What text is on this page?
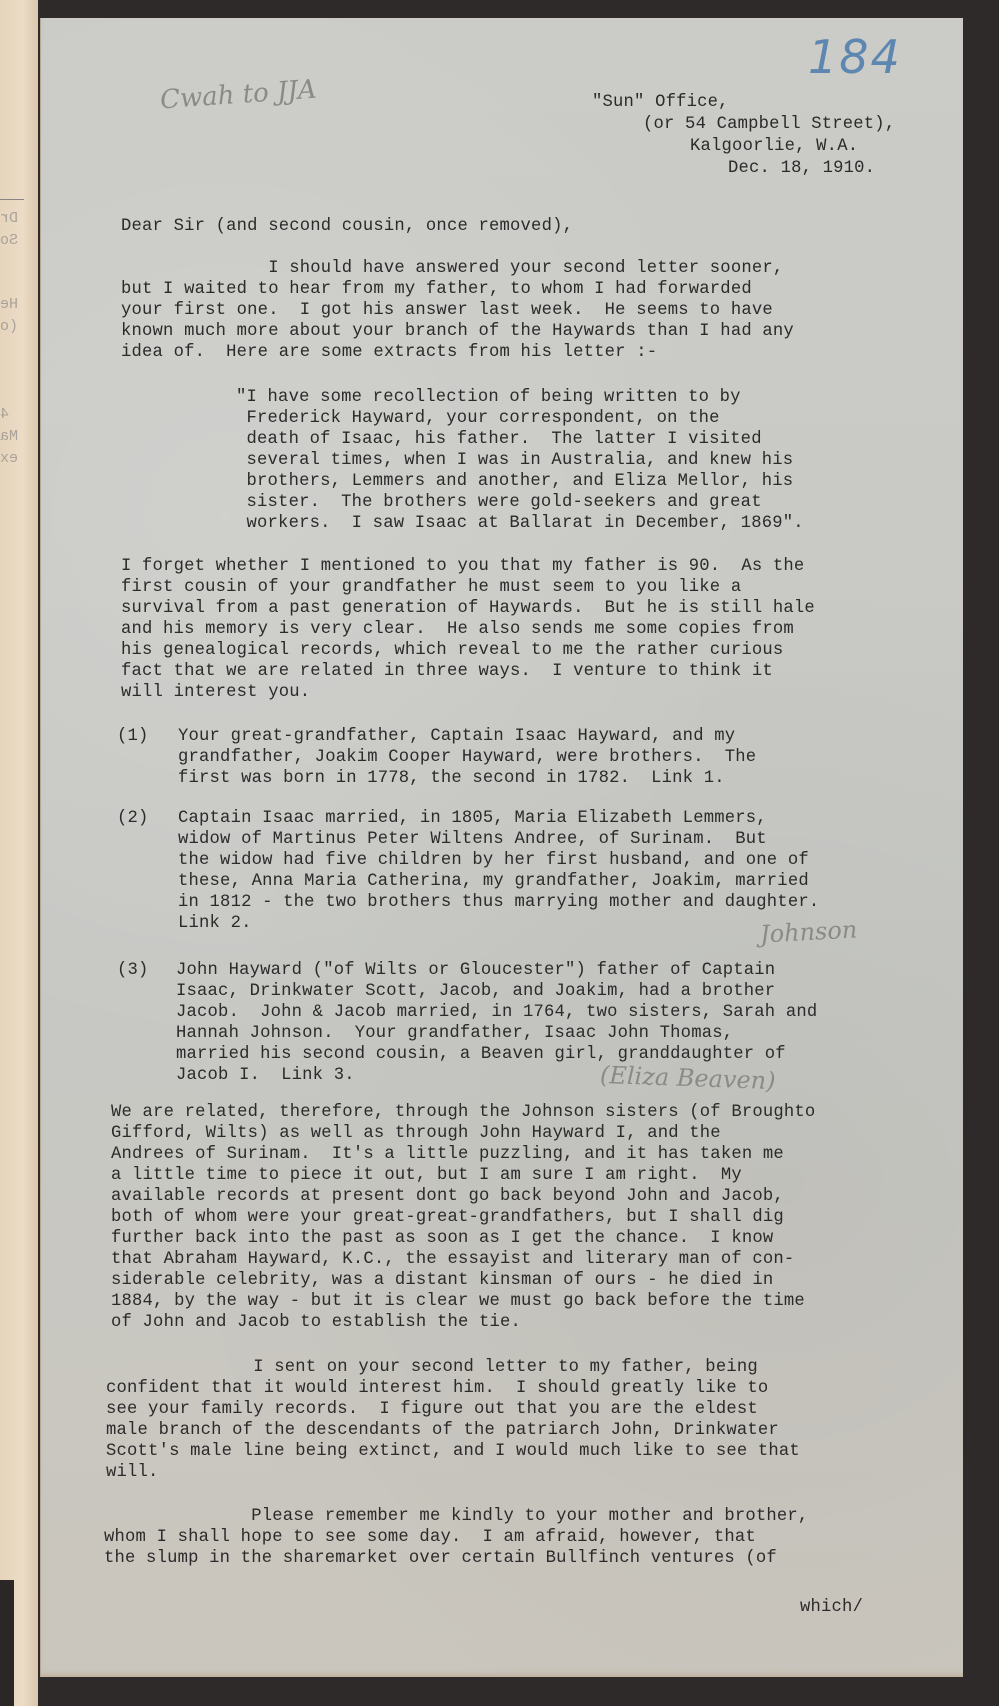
Dr
So
He
(o
4
Ma
ex
184
Cwah to JJA	"Sun" Office,
(or 54 Campbell Street),
Kalgoorlie, W.A.
Dec. 18, 1910.
Dear Sir (and second cousin, once removed),
I should have answered your second letter sooner,
but I waited to hear from my father, to whom I had forwarded
your first one.  I got his answer last week.  He seems to have
known much more about your branch of the Haywards than I had any
idea of.  Here are some extracts from his letter :-
"I have some recollection of being written to by
Frederick Hayward, your correspondent, on the
death of Isaac, his father.  The latter I visited
several times, when I was in Australia, and knew his
brothers, Lemmers and another, and Eliza Mellor, his
sister.  The brothers were gold-seekers and great
workers.  I saw Isaac at Ballarat in December, 1869".
I forget whether I mentioned to you that my father is 90.  As the
first cousin of your grandfather he must seem to you like a
survival from a past generation of Haywards.  But he is still hale
and his memory is very clear.  He also sends me some copies from
his genealogical records, which reveal to me the rather curious
fact that we are related in three ways.  I venture to think it
will interest you.
(1) Your great-grandfather, Captain Isaac Hayward, and my
grandfather, Joakim Cooper Hayward, were brothers.  The
first was born in 1778, the second in 1782.  Link 1.
(2) Captain Isaac married, in 1805, Maria Elizabeth Lemmers,
widow of Martinus Peter Wiltens Andree, of Surinam.  But
the widow had five children by her first husband, and one of
these, Anna Maria Catherina, my grandfather, Joakim, married
in 1812 - the two brothers thus marrying mother and daughter.
Link 2.	Johnson
(3) John Hayward ("of Wilts or Gloucester") father of Captain
Isaac, Drinkwater Scott, Jacob, and Joakim, had a brother
Jacob.  John & Jacob married, in 1764, two sisters, Sarah and
Hannah Johnson.  Your grandfather, Isaac John Thomas,
married his second cousin, a Beaven girl, granddaughter of
Jacob I.  Link 3.	(Eliza Beaven)
We are related, therefore, through the Johnson sisters (of Broughto
Gifford, Wilts) as well as through John Hayward I, and the
Andrees of Surinam.  It's a little puzzling, and it has taken me
a little time to piece it out, but I am sure I am right.  My
available records at present dont go back beyond John and Jacob,
both of whom were your great-great-grandfathers, but I shall dig
further back into the past as soon as I get the chance.  I know
that Abraham Hayward, K.C., the essayist and literary man of con-
siderable celebrity, was a distant kinsman of ours - he died in
1884, by the way - but it is clear we must go back before the time
of John and Jacob to establish the tie.
I sent on your second letter to my father, being
confident that it would interest him.  I should greatly like to
see your family records.  I figure out that you are the eldest
male branch of the descendants of the patriarch John, Drinkwater
Scott's male line being extinct, and I would much like to see that
will.
Please remember me kindly to your mother and brother,
whom I shall hope to see some day.  I am afraid, however, that
the slump in the sharemarket over certain Bullfinch ventures (of
which/
